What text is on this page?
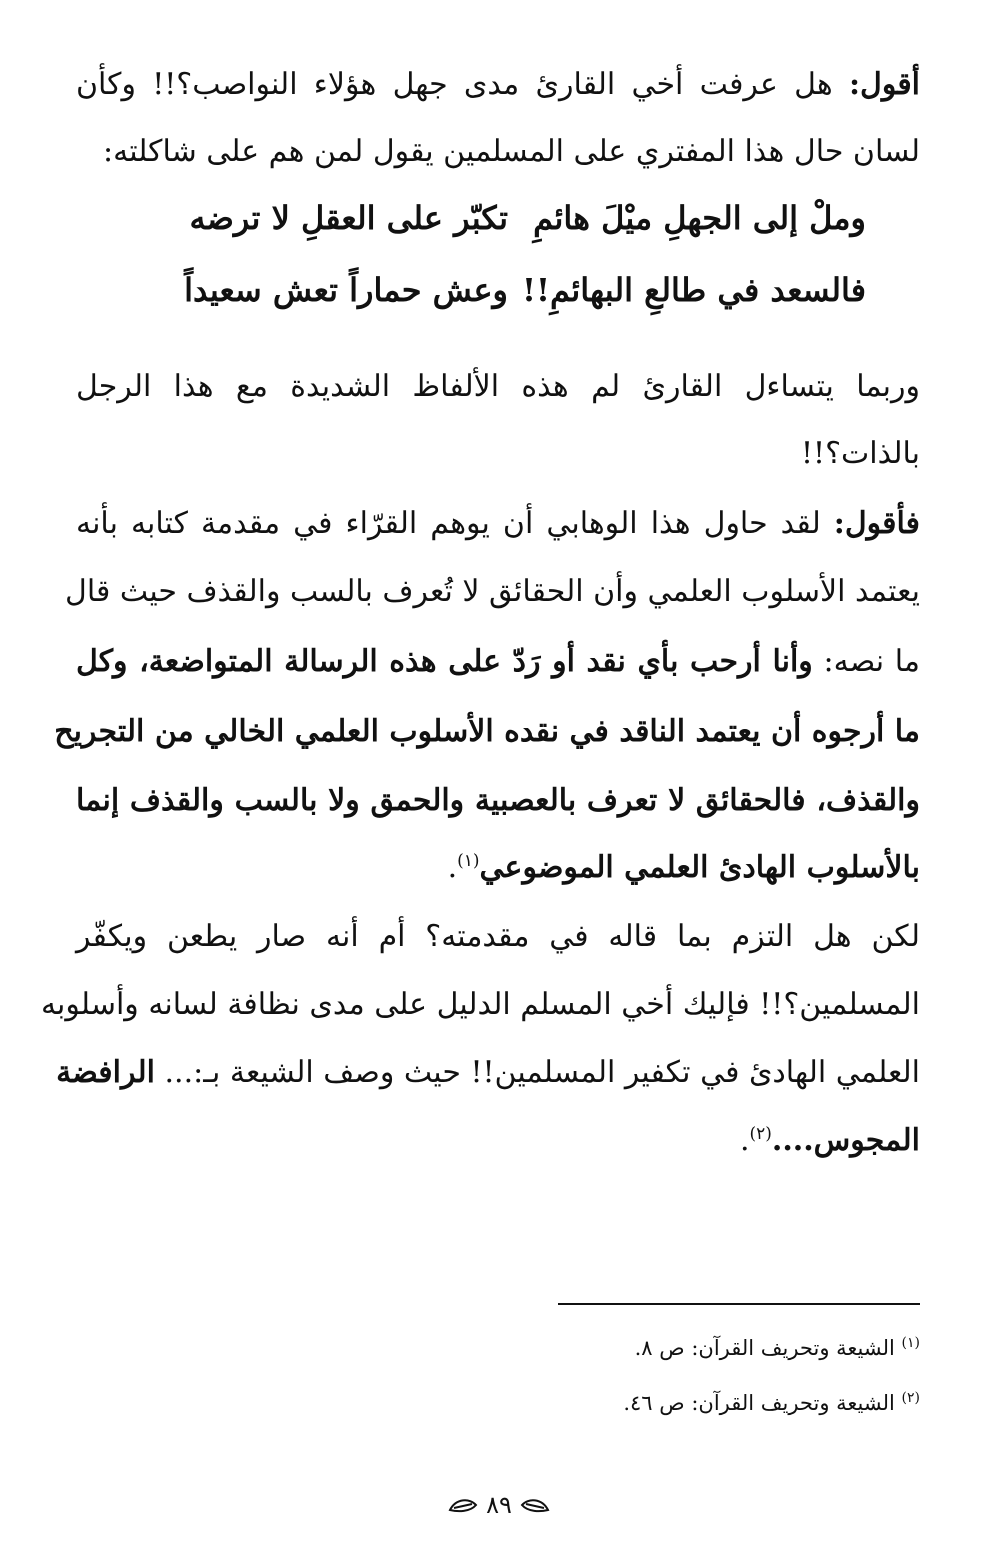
أقول: هل عرفت أخي القارئ مدى جهل هؤلاء النواصب؟!! وكأن
لسان حال هذا المفتري على المسلمين يقول لمن هم على شاكلته:
تكبّر على العقلِ لا ترضه وملْ إلى الجهلِ ميْلَ هائمِ
وعش حماراً تعش سعيداً فالسعد في طالعِ البهائمِ!!
وربما يتساءل القارئ لم هذه الألفاظ الشديدة مع هذا الرجل
بالذات؟!!
فأقول: لقد حاول هذا الوهابي أن يوهم القرّاء في مقدمة كتابه بأنه
يعتمد الأسلوب العلمي وأن الحقائق لا تُعرف بالسب والقذف حيث قال
ما نصه: وأنا أرحب بأي نقد أو رَدّ على هذه الرسالة المتواضعة، وكل
ما أرجوه أن يعتمد الناقد في نقده الأسلوب العلمي الخالي من التجريح
والقذف، فالحقائق لا تعرف بالعصبية والحمق ولا بالسب والقذف إنما
بالأسلوب الهادئ العلمي الموضوعي$^{(١)}$.
لكن هل التزم بما قاله في مقدمته؟ أم أنه صار يطعن ويكفّر
المسلمين؟!! فإليك أخي المسلم الدليل على مدى نظافة لسانه وأسلوبه
العلمي الهادئ في تكفير المسلمين!! حيث وصف الشيعة بـ:... الرافضة
المجوس....$^{(٢)}$.
$^{(١)}$ الشيعة وتحريف القرآن: ص ٨.
$^{(٢)}$ الشيعة وتحريف القرآن: ص ٤٦.
٨٩
